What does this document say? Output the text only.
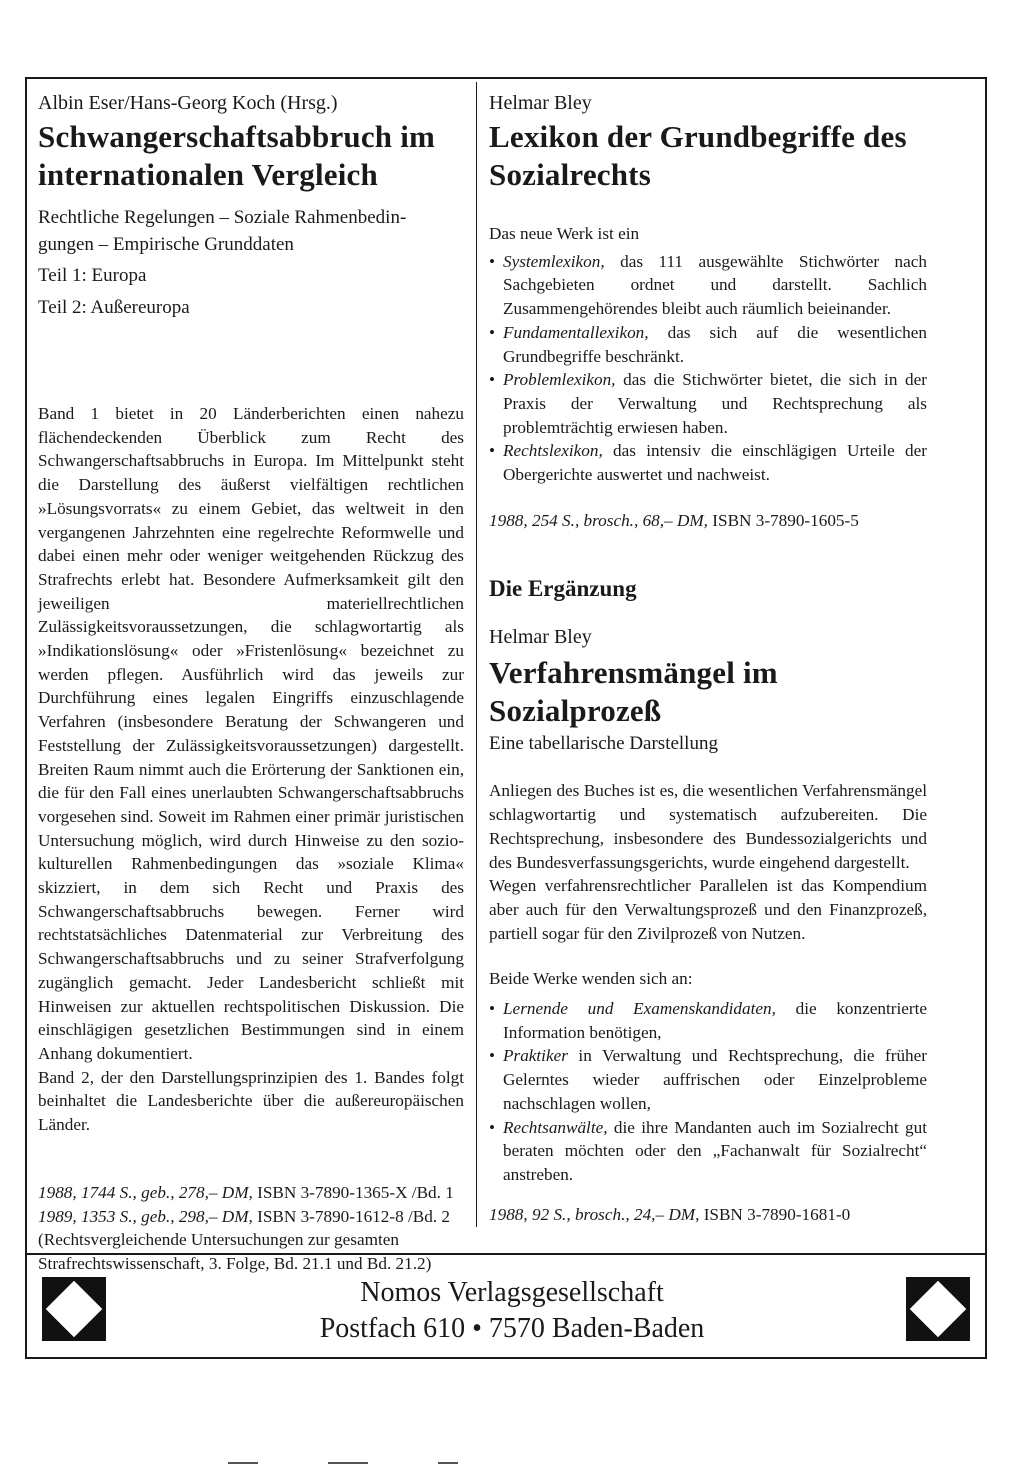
Albin Eser/Hans-Georg Koch (Hrsg.)

Schwangerschaftsabbruch im

internationalen Vergleich

Rechtliche Regelungen – Soziale Rahmenbedin-

gungen – Empirische Grunddaten

Teil 1: Europa

Teil 2: Außereuropa

Band 1 bietet in 20 Länderberichten einen nahezu flächendeckenden Überblick zum Recht des Schwangerschaftsabbruchs in Europa. Im Mittelpunkt steht die Darstellung des äußerst vielfältigen rechtlichen »Lösungsvorrats« zu einem Gebiet, das weltweit in den vergangenen Jahrzehnten eine regelrechte Reformwelle und dabei einen mehr oder weniger weitgehenden Rückzug des Strafrechts erlebt hat. Besondere Aufmerksamkeit gilt den jeweiligen materiellrechtlichen Zulässigkeitsvoraussetzungen, die schlagwortartig als »Indikationslösung« oder »Fristenlösung« bezeichnet zu werden pflegen. Ausführlich wird das jeweils zur Durchführung eines legalen Eingriffs einzuschlagende Verfahren (insbesondere Beratung der Schwangeren und Feststellung der Zulässigkeitsvoraussetzungen) dargestellt. Breiten Raum nimmt auch die Erörterung der Sanktionen ein, die für den Fall eines unerlaubten Schwangerschaftsabbruchs vorgesehen sind. Soweit im Rahmen einer primär juristischen Untersuchung möglich, wird durch Hinweise zu den sozio-kulturellen Rahmenbedingungen das »soziale Klima« skizziert, in dem sich Recht und Praxis des Schwangerschaftsabbruchs bewegen. Ferner wird rechtstatsächliches Datenmaterial zur Verbreitung des Schwangerschaftsabbruchs und zu seiner Strafverfolgung zugänglich gemacht. Jeder Landesbericht schließt mit Hinweisen zur aktuellen rechtspolitischen Diskussion. Die einschlägigen gesetzlichen Bestimmungen sind in einem Anhang dokumentiert.

Band 2, der den Darstellungsprinzipien des 1. Bandes folgt beinhaltet die Landesberichte über die außereuropäischen Länder.

1988, 1744 S., geb., 278,– DM, ISBN 3-7890-1365-X /Bd. 1

1989, 1353 S., geb., 298,– DM, ISBN 3-7890-1612-8 /Bd. 2

(Rechtsvergleichende Untersuchungen zur gesamten Strafrechtswissenschaft, 3. Folge, Bd. 21.1 und Bd. 21.2)

Helmar Bley

Lexikon der Grundbegriffe des

Sozialrechts

Das neue Werk ist ein

• Systemlexikon, das 111 ausgewählte Stichwörter nach Sachgebieten ordnet und darstellt. Sachlich Zusammengehörendes bleibt auch räumlich beieinander.
• Fundamentallexikon, das sich auf die wesentlichen Grundbegriffe beschränkt.
• Problemlexikon, das die Stichwörter bietet, die sich in der Praxis der Verwaltung und Rechtsprechung als problemträchtig erwiesen haben.
• Rechtslexikon, das intensiv die einschlägigen Urteile der Obergerichte auswertet und nachweist.

1988, 254 S., brosch., 68,– DM, ISBN 3-7890-1605-5

Die Ergänzung

Helmar Bley

Verfahrensmängel im

Sozialprozeß

Eine tabellarische Darstellung

Anliegen des Buches ist es, die wesentlichen Verfahrensmängel schlagwortartig und systematisch aufzubereiten. Die Rechtsprechung, insbesondere des Bundessozialgerichts und des Bundesverfassungsgerichts, wurde eingehend dargestellt.

Wegen verfahrensrechtlicher Parallelen ist das Kompendium aber auch für den Verwaltungsprozeß und den Finanzprozeß, partiell sogar für den Zivilprozeß von Nutzen.

Beide Werke wenden sich an:

• Lernende und Examenskandidaten, die konzentrierte Information benötigen,
• Praktiker in Verwaltung und Rechtsprechung, die früher Gelerntes wieder auffrischen oder Einzelprobleme nachschlagen wollen,
• Rechtsanwälte, die ihre Mandanten auch im Sozialrecht gut beraten möchten oder den „Fachanwalt für Sozialrecht“ anstreben.

1988, 92 S., brosch., 24,– DM, ISBN 3-7890-1681-0

Nomos Verlagsgesellschaft
Postfach 610 • 7570 Baden-Baden
